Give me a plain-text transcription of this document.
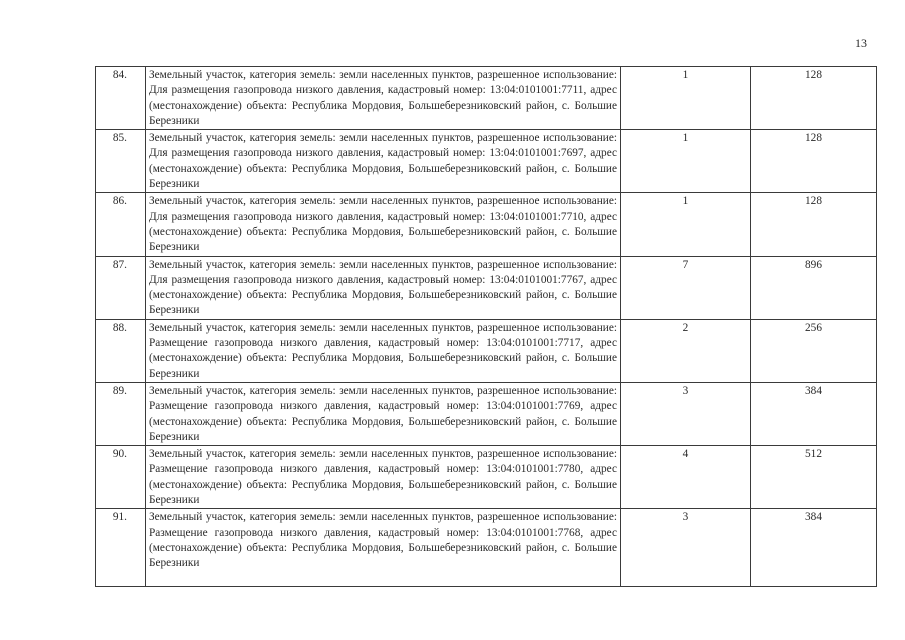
13
84.	Земельный участок, категория земель: земли населенных пунктов, разрешенное использование: Для размещения газопровода низкого давления, кадастровый номер: 13:04:0101001:7711, адрес (местонахождение) объекта: Республика Мордовия, Большеберезниковский район, с. Большие Березники	1	128
85.	Земельный участок, категория земель: земли населенных пунктов, разрешенное использование: Для размещения газопровода низкого давления, кадастровый номер: 13:04:0101001:7697, адрес (местонахождение) объекта: Республика Мордовия, Большеберезниковский район, с. Большие Березники	1	128
86.	Земельный участок, категория земель: земли населенных пунктов, разрешенное использование: Для размещения газопровода низкого давления, кадастровый номер: 13:04:0101001:7710, адрес (местонахождение) объекта: Республика Мордовия, Большеберезниковский район, с. Большие Березники	1	128
87.	Земельный участок, категория земель: земли населенных пунктов, разрешенное использование: Для размещения газопровода низкого давления, кадастровый номер: 13:04:0101001:7767, адрес (местонахождение) объекта: Республика Мордовия, Большеберезниковский район, с. Большие Березники	7	896
88.	Земельный участок, категория земель: земли населенных пунктов, разрешенное использование: Размещение газопровода низкого давления, кадастровый номер: 13:04:0101001:7717, адрес (местонахождение) объекта: Республика Мордовия, Большеберезниковский район, с. Большие Березники	2	256
89.	Земельный участок, категория земель: земли населенных пунктов, разрешенное использование: Размещение газопровода низкого давления, кадастровый номер: 13:04:0101001:7769, адрес (местонахождение) объекта: Республика Мордовия, Большеберезниковский район, с. Большие Березники	3	384
90.	Земельный участок, категория земель: земли населенных пунктов, разрешенное использование: Размещение газопровода низкого давления, кадастровый номер: 13:04:0101001:7780, адрес (местонахождение) объекта: Республика Мордовия, Большеберезниковский район, с. Большие Березники	4	512
91.	Земельный участок, категория земель: земли населенных пунктов, разрешенное использование: Размещение газопровода низкого давления, кадастровый номер: 13:04:0101001:7768, адрес (местонахождение) объекта: Республика Мордовия, Большеберезниковский район, с. Большие Березники	3	384
